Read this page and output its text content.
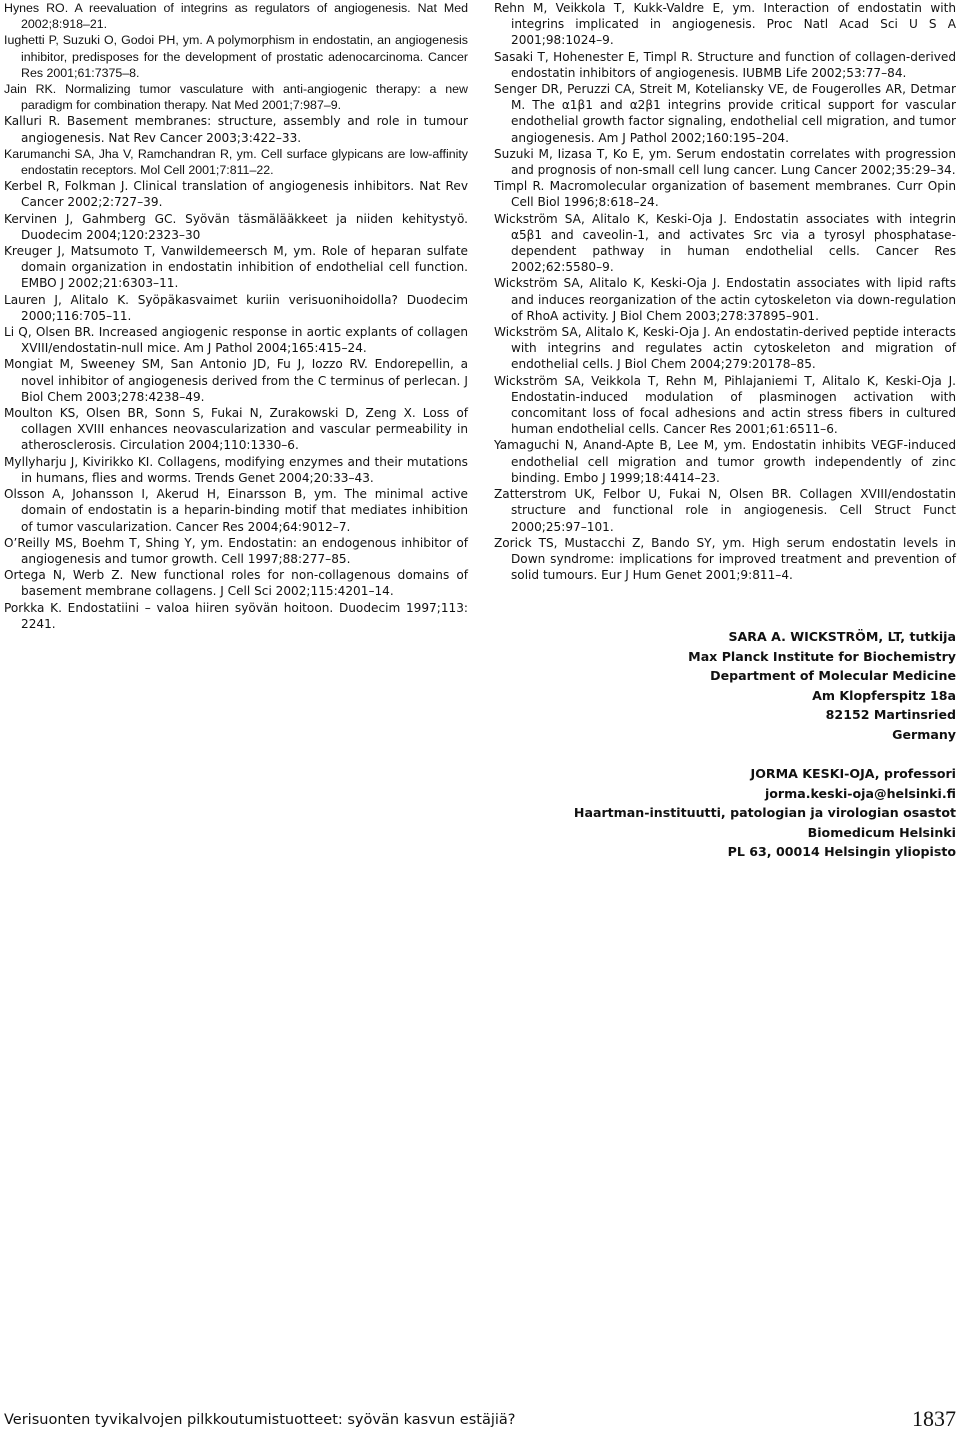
Hynes RO. A reevaluation of integrins as regulators of angiogenesis. Nat Med 2002;8:918–21.
Iughetti P, Suzuki O, Godoi PH, ym. A polymorphism in endostatin, an angiogenesis inhibitor, predisposes for the development of prostatic adenocarcinoma. Cancer Res 2001;61:7375–8.
Jain RK. Normalizing tumor vasculature with anti-angiogenic therapy: a new paradigm for combination therapy. Nat Med 2001;7:987–9.
Kalluri R. Basement membranes: structure, assembly and role in tumour angiogenesis. Nat Rev Cancer 2003;3:422–33.
Karumanchi SA, Jha V, Ramchandran R, ym. Cell surface glypicans are low-affinity endostatin receptors. Mol Cell 2001;7:811–22.
Kerbel R, Folkman J. Clinical translation of angiogenesis inhibitors. Nat Rev Cancer 2002;2:727–39.
Kervinen J, Gahmberg GC. Syövän täsmälääkkeet ja niiden kehitystyö. Duodecim 2004;120:2323–30
Kreuger J, Matsumoto T, Vanwildemeersch M, ym. Role of heparan sulfate domain organization in endostatin inhibition of endothelial cell function. EMBO J 2002;21:6303–11.
Lauren J, Alitalo K. Syöpäkasvaimet kuriin verisuonihoidolla? Duodecim 2000;116:705–11.
Li Q, Olsen BR. Increased angiogenic response in aortic explants of collagen XVIII/endostatin-null mice. Am J Pathol 2004;165:415–24.
Mongiat M, Sweeney SM, San Antonio JD, Fu J, Iozzo RV. Endorepellin, a novel inhibitor of angiogenesis derived from the C terminus of perlecan. J Biol Chem 2003;278:4238–49.
Moulton KS, Olsen BR, Sonn S, Fukai N, Zurakowski D, Zeng X. Loss of collagen XVIII enhances neovascularization and vascular permeability in atherosclerosis. Circulation 2004;110:1330–6.
Myllyharju J, Kivirikko KI. Collagens, modifying enzymes and their mutations in humans, flies and worms. Trends Genet 2004;20:33–43.
Olsson A, Johansson I, Akerud H, Einarsson B, ym. The minimal active domain of endostatin is a heparin-binding motif that mediates inhibition of tumor vascularization. Cancer Res 2004;64:9012–7.
O’Reilly MS, Boehm T, Shing Y, ym. Endostatin: an endogenous inhibitor of angiogenesis and tumor growth. Cell 1997;88:277–85.
Ortega N, Werb Z. New functional roles for non-collagenous domains of basement membrane collagens. J Cell Sci 2002;115:4201–14.
Porkka K. Endostatiini – valoa hiiren syövän hoitoon. Duodecim 1997;113: 2241.
Rehn M, Veikkola T, Kukk-Valdre E, ym. Interaction of endostatin with integrins implicated in angiogenesis. Proc Natl Acad Sci U S A 2001;98:1024–9.
Sasaki T, Hohenester E, Timpl R. Structure and function of collagen-derived endostatin inhibitors of angiogenesis. IUBMB Life 2002;53:77–84.
Senger DR, Peruzzi CA, Streit M, Koteliansky VE, de Fougerolles AR, Detmar M. The α1β1 and α2β1 integrins provide critical support for vascular endothelial growth factor signaling, endothelial cell migration, and tumor angiogenesis. Am J Pathol 2002;160:195–204.
Suzuki M, Iizasa T, Ko E, ym. Serum endostatin correlates with progression and prognosis of non-small cell lung cancer. Lung Cancer 2002;35:29–34.
Timpl R. Macromolecular organization of basement membranes. Curr Opin Cell Biol 1996;8:618–24.
Wickström SA, Alitalo K, Keski-Oja J. Endostatin associates with integrin α5β1 and caveolin-1, and activates Src via a tyrosyl phosphatase-dependent pathway in human endothelial cells. Cancer Res 2002;62:5580–9.
Wickström SA, Alitalo K, Keski-Oja J. Endostatin associates with lipid rafts and induces reorganization of the actin cytoskeleton via down-regulation of RhoA activity. J Biol Chem 2003;278:37895–901.
Wickström SA, Alitalo K, Keski-Oja J. An endostatin-derived peptide interacts with integrins and regulates actin cytoskeleton and migration of endothelial cells. J Biol Chem 2004;279:20178–85.
Wickström SA, Veikkola T, Rehn M, Pihlajaniemi T, Alitalo K, Keski-Oja J. Endostatin-induced modulation of plasminogen activation with concomitant loss of focal adhesions and actin stress fibers in cultured human endothelial cells. Cancer Res 2001;61:6511–6.
Yamaguchi N, Anand-Apte B, Lee M, ym. Endostatin inhibits VEGF-induced endothelial cell migration and tumor growth independently of zinc binding. Embo J 1999;18:4414–23.
Zatterstrom UK, Felbor U, Fukai N, Olsen BR. Collagen XVIII/endostatin structure and functional role in angiogenesis. Cell Struct Funct 2000;25:97–101.
Zorick TS, Mustacchi Z, Bando SY, ym. High serum endostatin levels in Down syndrome: implications for improved treatment and prevention of solid tumours. Eur J Hum Genet 2001;9:811–4.
SARA A. WICKSTRÖM, LT, tutkija
Max Planck Institute for Biochemistry
Department of Molecular Medicine
Am Klopferspitz 18a
82152 Martinsried
Germany
JORMA KESKI-OJA, professori
jorma.keski-oja@helsinki.fi
Haartman-instituutti, patologian ja virologian osastot
Biomedicum Helsinki
PL 63, 00014 Helsingin yliopisto
Verisuonten tyvikalvojen pilkkoutumistuotteet: syövän kasvun estäjiä?	1837
